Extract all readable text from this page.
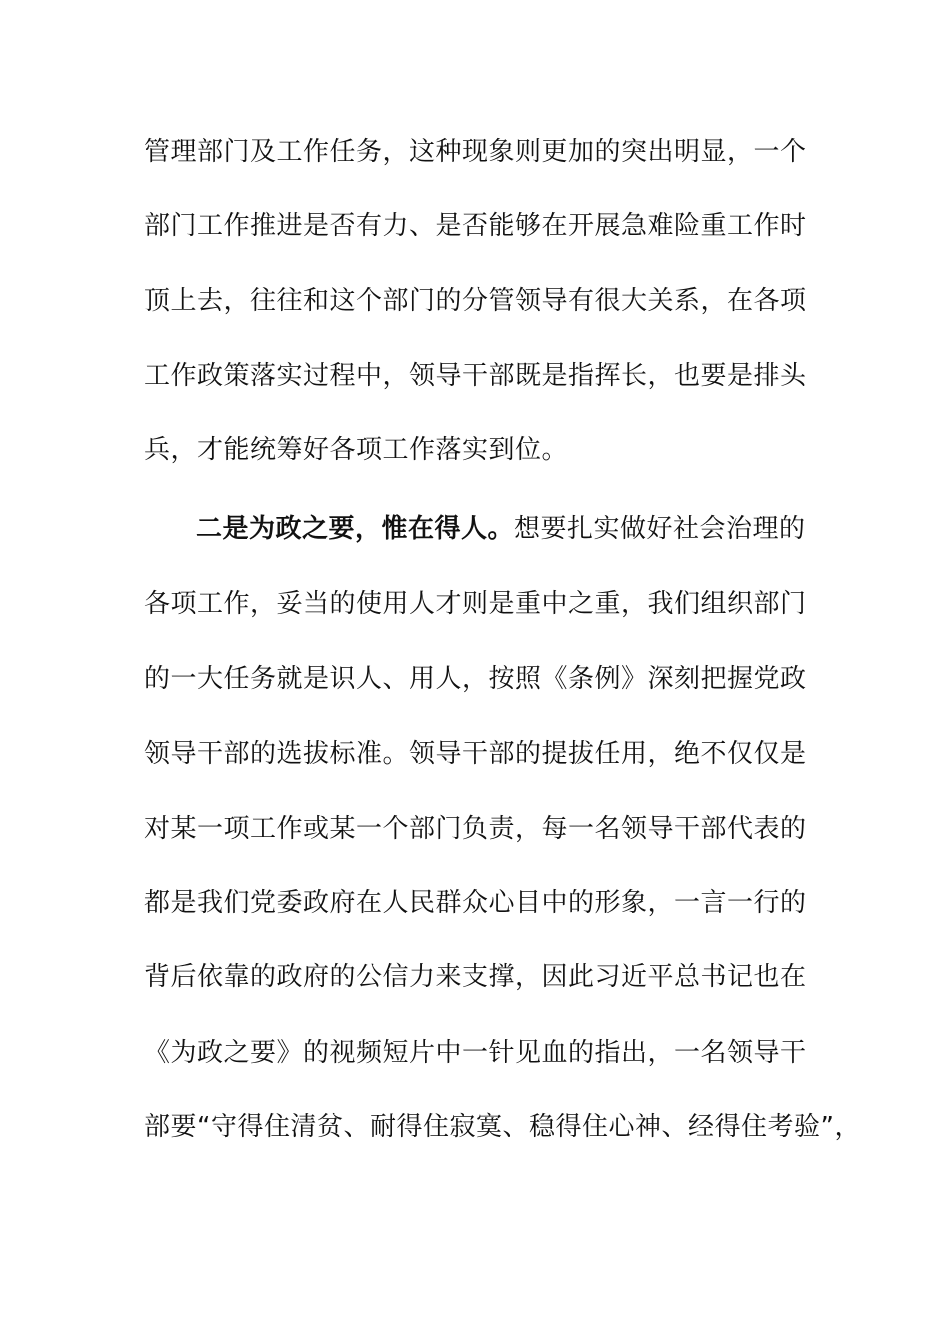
管理部门及工作任务，这种现象则更加的突出明显，一个
部门工作推进是否有力、是否能够在开展急难险重工作时
顶上去，往往和这个部门的分管领导有很大关系，在各项
工作政策落实过程中，领导干部既是指挥长，也要是排头
兵，才能统筹好各项工作落实到位。
二是为政之要，惟在得人。想要扎实做好社会治理的
各项工作，妥当的使用人才则是重中之重，我们组织部门
的一大任务就是识人、用人，按照《条例》深刻把握党政
领导干部的选拔标准。领导干部的提拔任用，绝不仅仅是
对某一项工作或某一个部门负责，每一名领导干部代表的
都是我们党委政府在人民群众心目中的形象，一言一行的
背后依靠的政府的公信力来支撑，因此习近平总书记也在
《为政之要》的视频短片中一针见血的指出，一名领导干
部要“守得住清贫、耐得住寂寞、稳得住心神、经得住考验”，
